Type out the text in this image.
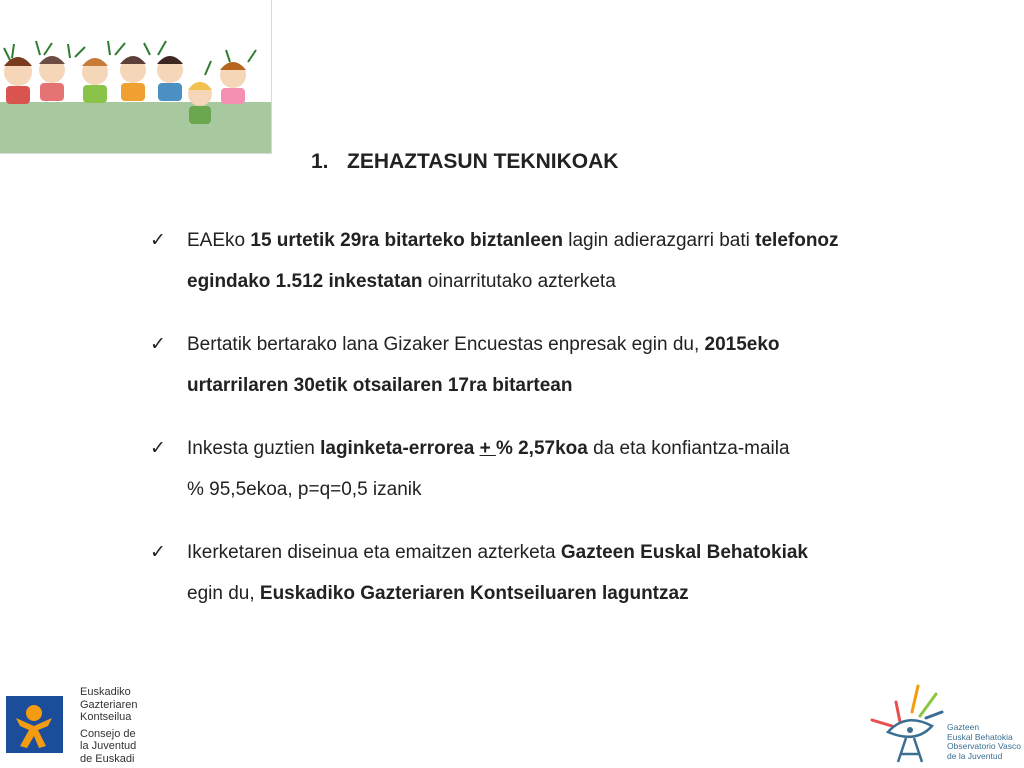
1. ZEHAZTASUN TEKNIKOAK
✓ EAEko 15 urtetik 29ra bitarteko biztanleen lagin adierazgarri bati telefonoz
egindako 1.512 inkestatan oinarritutako azterketa
✓ Bertatik bertarako lana Gizaker Encuestas enpresak egin du, 2015eko
urtarrilaren 30etik otsailaren 17ra bitartean
✓ Inkesta guztien laginketa-errorea + % 2,57koa da eta konfiantza-maila
% 95,5ekoa, p=q=0,5 izanik
✓ Ikerketaren diseinua eta emaitzen azterketa Gazteen Euskal Behatokiak
egin du, Euskadiko Gazteriaren Kontseiluaren laguntzaz
Euskadiko
Gazteriaren
Kontseilua
Consejo de
la Juventud
de Euskadi
Gazteen
Euskal Behatokia
Observatorio Vasco
de la Juventud
